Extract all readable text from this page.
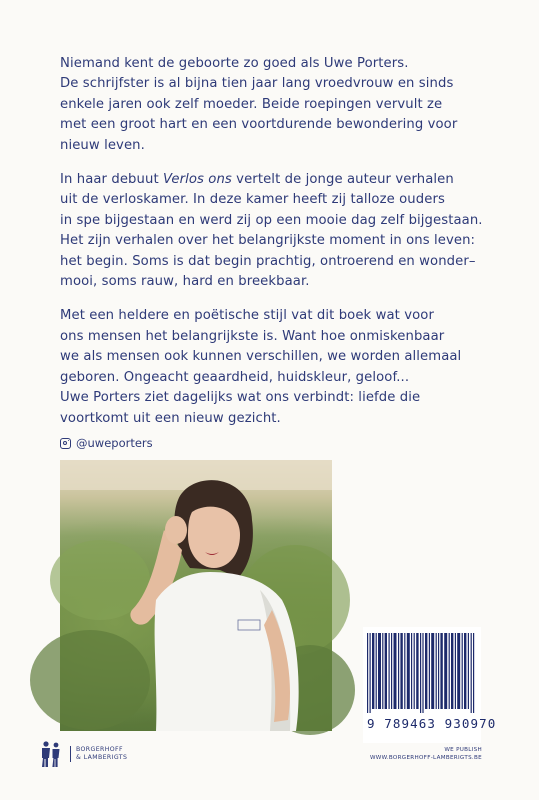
Niemand kent de geboorte zo goed als Uwe Porters.
De schrijfster is al bijna tien jaar lang vroedvrouw en sinds
enkele jaren ook zelf moeder. Beide roepingen vervult ze
met een groot hart en een voortdurende bewondering voor
nieuw leven.

In haar debuut Verlos ons vertelt de jonge auteur verhalen
uit de verloskamer. In deze kamer heeft zij talloze ouders
in spe bijgestaan en werd zij op een mooie dag zelf bijgestaan.
Het zijn verhalen over het belangrijkste moment in ons leven:
het begin. Soms is dat begin prachtig, ontroerend en wonder–
mooi, soms rauw, hard en breekbaar.

Met een heldere en poëtische stijl vat dit boek wat voor
ons mensen het belangrijkste is. Want hoe onmiskenbaar
we als mensen ook kunnen verschillen, we worden allemaal
geboren. Ongeacht geaardheid, huidskleur, geloof...
Uwe Porters ziet dagelijks wat ons verbindt: liefde die
voortkomt uit een nieuw gezicht.

@uweporters
9 789463 930970
BORGERHOFF
& LAMBERIGTS
WE PUBLISH
WWW.BORGERHOFF-LAMBERIGTS.BE
